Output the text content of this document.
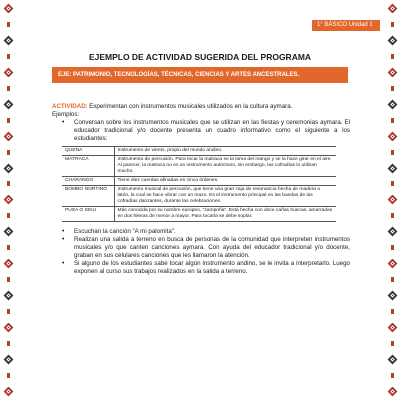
1° BÁSICO Unidad 1
EJEMPLO DE ACTIVIDAD SUGERIDA DEL PROGRAMA
EJE: PATRIMONIO, TECNOLOGÍAS, TÉCNICAS, CIENCIAS Y ARTES ANCESTRALES.

ACTIVIDAD: Experimentan con instrumentos musicales utilizados en la cultura aymara.

Ejemplos:

• Conversan sobre los instrumentos musicales que se utilizan en las fiestas y ceremonias aymara. El educador tradicional y/o docente presenta un cuadro informativo como el siguiente a los estudiantes:

QUENA	Instrumento de viento, propio del mundo andino.
MATRACA	Instrumento de percusión. Para tocar la matraca se la toma del mango y se la hace girar en el aire. Al parecer, la matraca no es un instrumento autóctono, sin embargo, las cofradías lo utilizan mucho.
CHARANGO	Tiene diez cuerdas afinadas en cinco órdenes.
BOMBO NORTINO	Instrumento musical de percusión, que tiene una gran caja de resonancia hecha de madera o latón, la cual se hace vibrar con un mazo. Es el instrumento principal en las bandas de las cofradías danzantes, durante las celebraciones.
PUSA O SIKU	Más conocida por su nombre europeo, "zampoña". Está hecha con doce cañas huecas, amarradas en dos hileras de menor a mayor. Para tocarla se debe soplar.

• Escuchan la canción "A mi palomita".

• Realizan una salida a terreno en busca de personas de la comunidad que interpreten instrumentos musicales y/o que canten canciones aymara. Con ayuda del educador tradicional y/o docente, graban en sus celulares canciones que les llamaron la atención.

• Si alguno de los estudiantes sabe tocar algún instrumento andino, se le invita a interpretarlo. Luego exponen al curso sus trabajos realizados en la salida a terreno.
